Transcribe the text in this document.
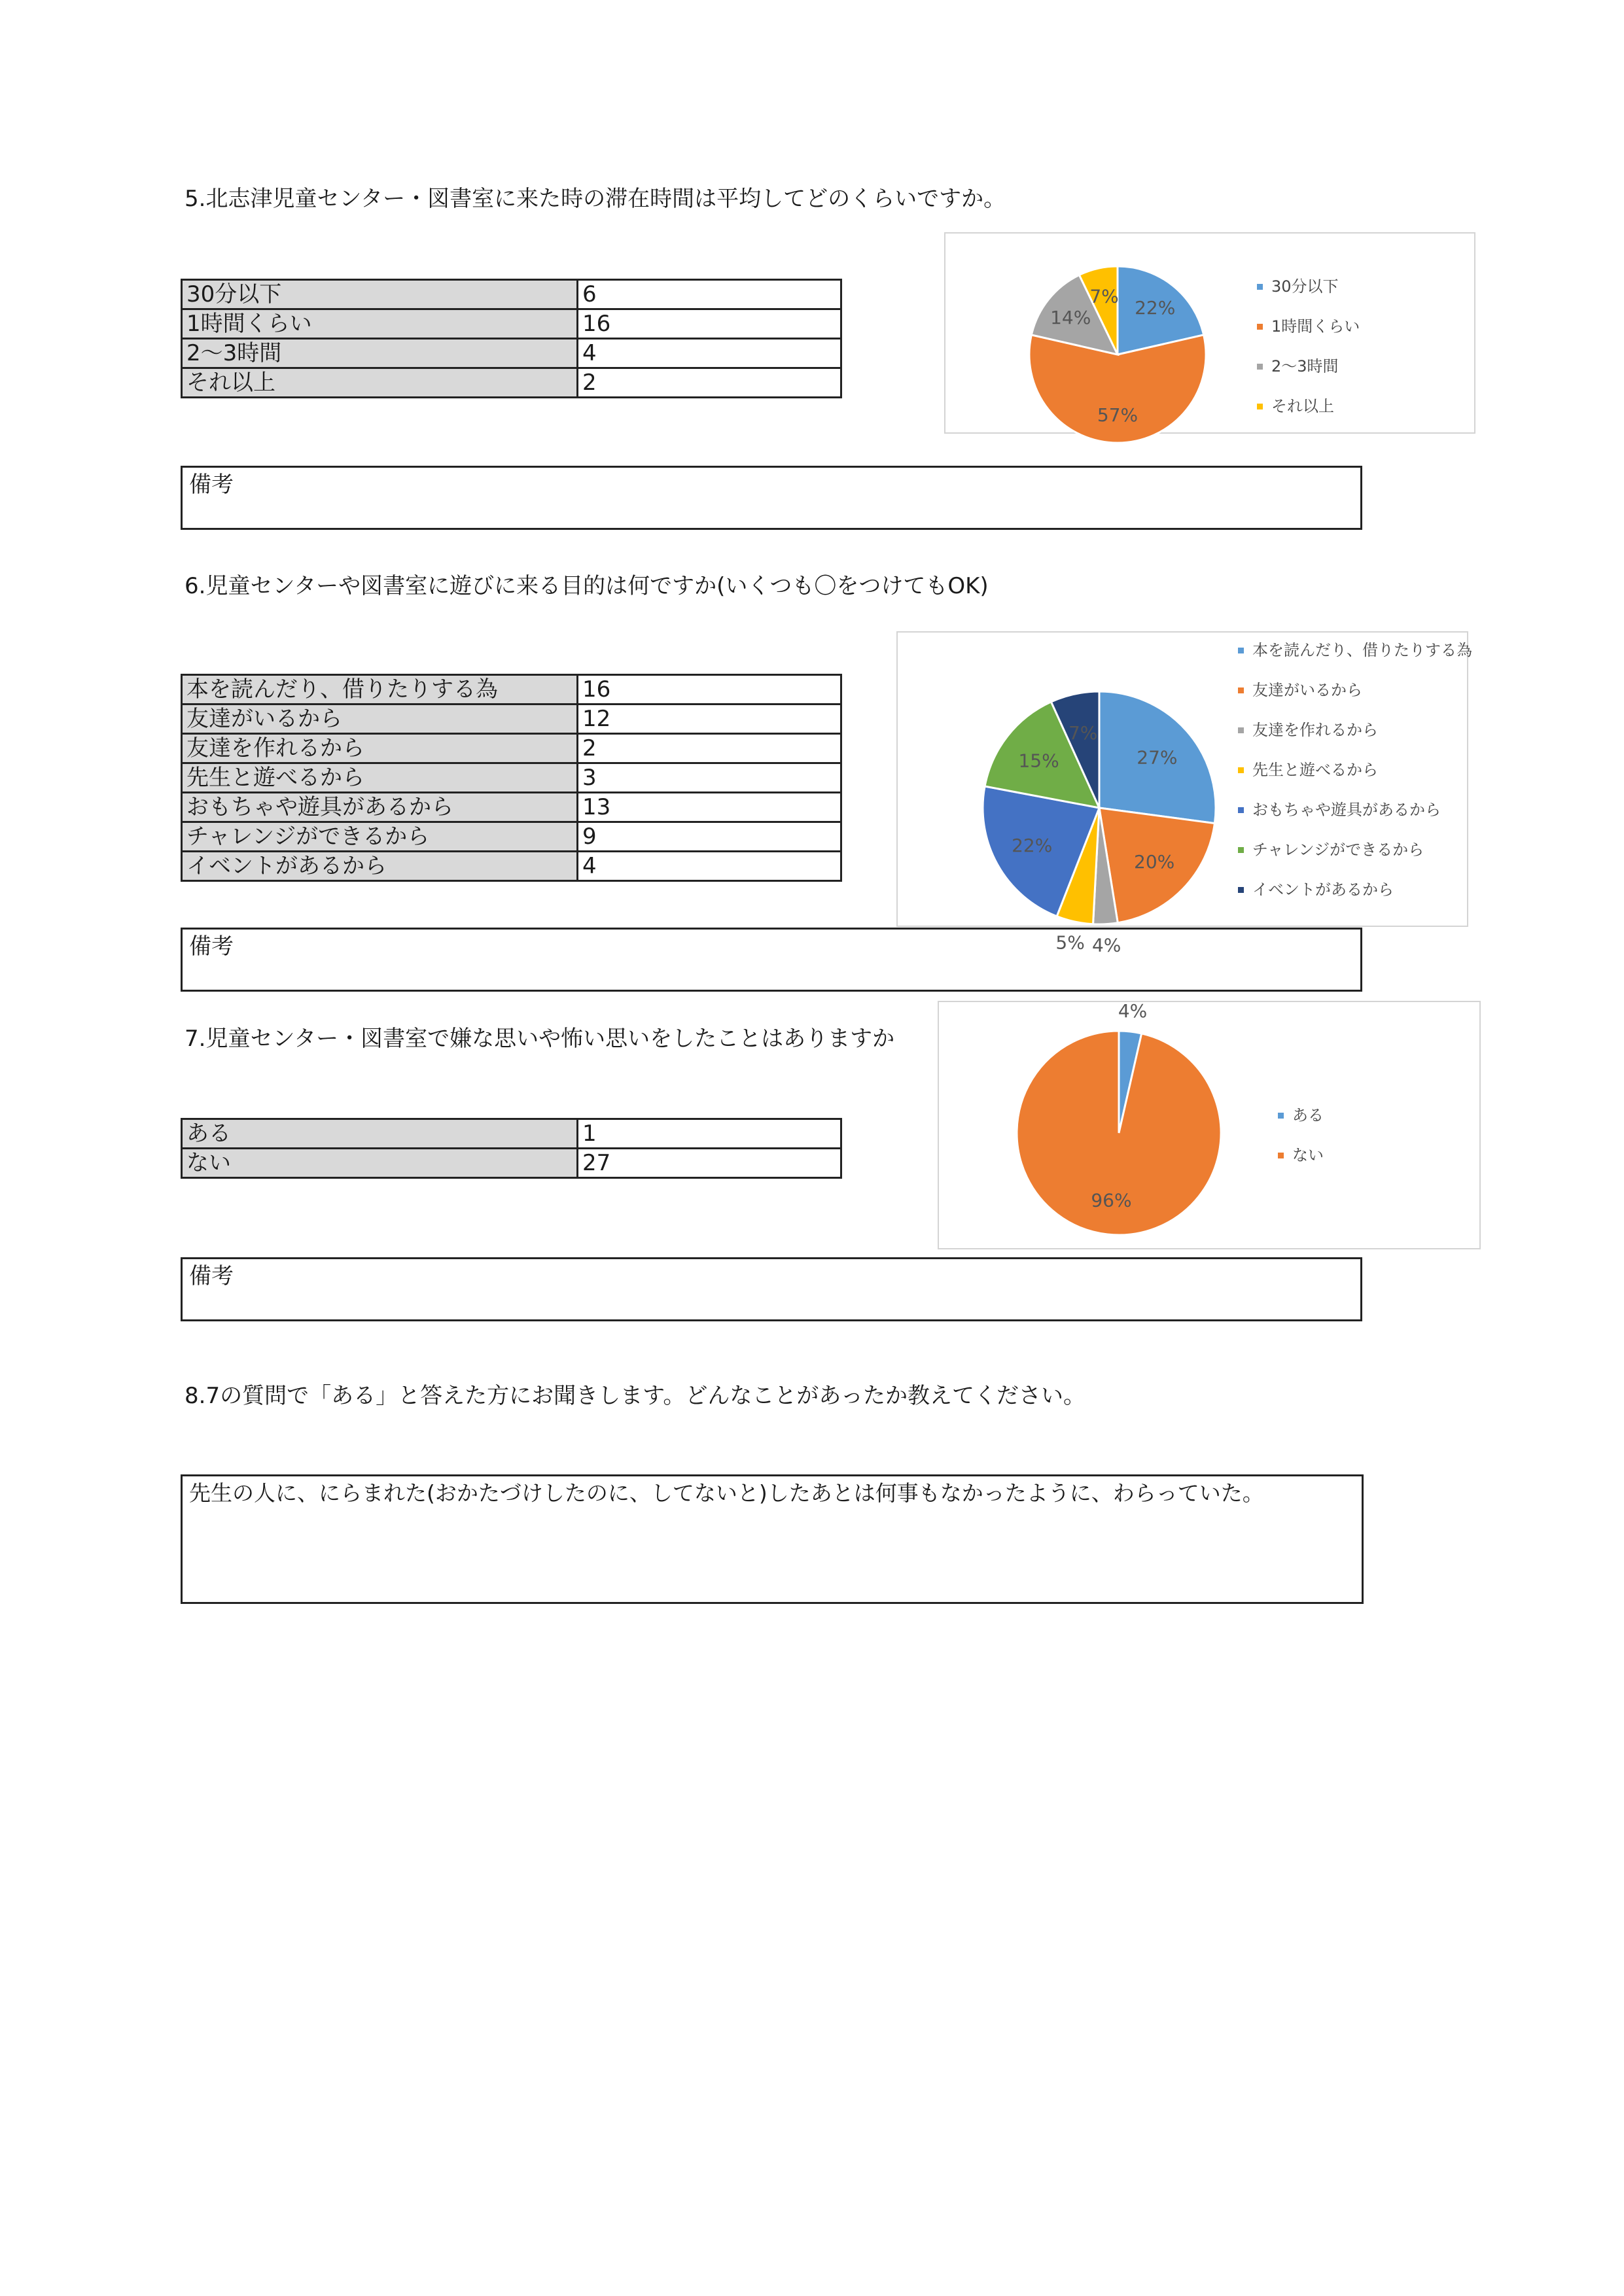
5.北志津児童センター・図書室に来た時の滞在時間は平均してどのくらいですか。
30分以下	6
1時間くらい	16
2～3時間	4
それ以上	2
備考
22%
57%
14%
7%	30分以下
1時間くらい
2～3時間
それ以上
6.児童センターや図書室に遊びに来る目的は何ですか(いくつも〇をつけてもOK)
本を読んだり、借りたりする為	16
友達がいるから	12
友達を作れるから	2
先生と遊べるから	3
おもちゃや遊具があるから	13
チャレンジができるから	9
イベントがあるから	4
備考
27%
20%
4%
5%
22%
15%
7%
本を読んだり、借りたりする為
友達がいるから
友達を作れるから
先生と遊べるから
おもちゃや遊具があるから
チャレンジができるから
イベントがあるから
7.児童センター・図書室で嫌な思いや怖い思いをしたことはありますか
ある	1
ない	27
備考
4%
96%
ある
ない
8.7の質問で「ある」と答えた方にお聞きします。どんなことがあったか教えてください。
先生の人に、にらまれた(おかたづけしたのに、してないと)したあとは何事もなかったように、わらっていた。
